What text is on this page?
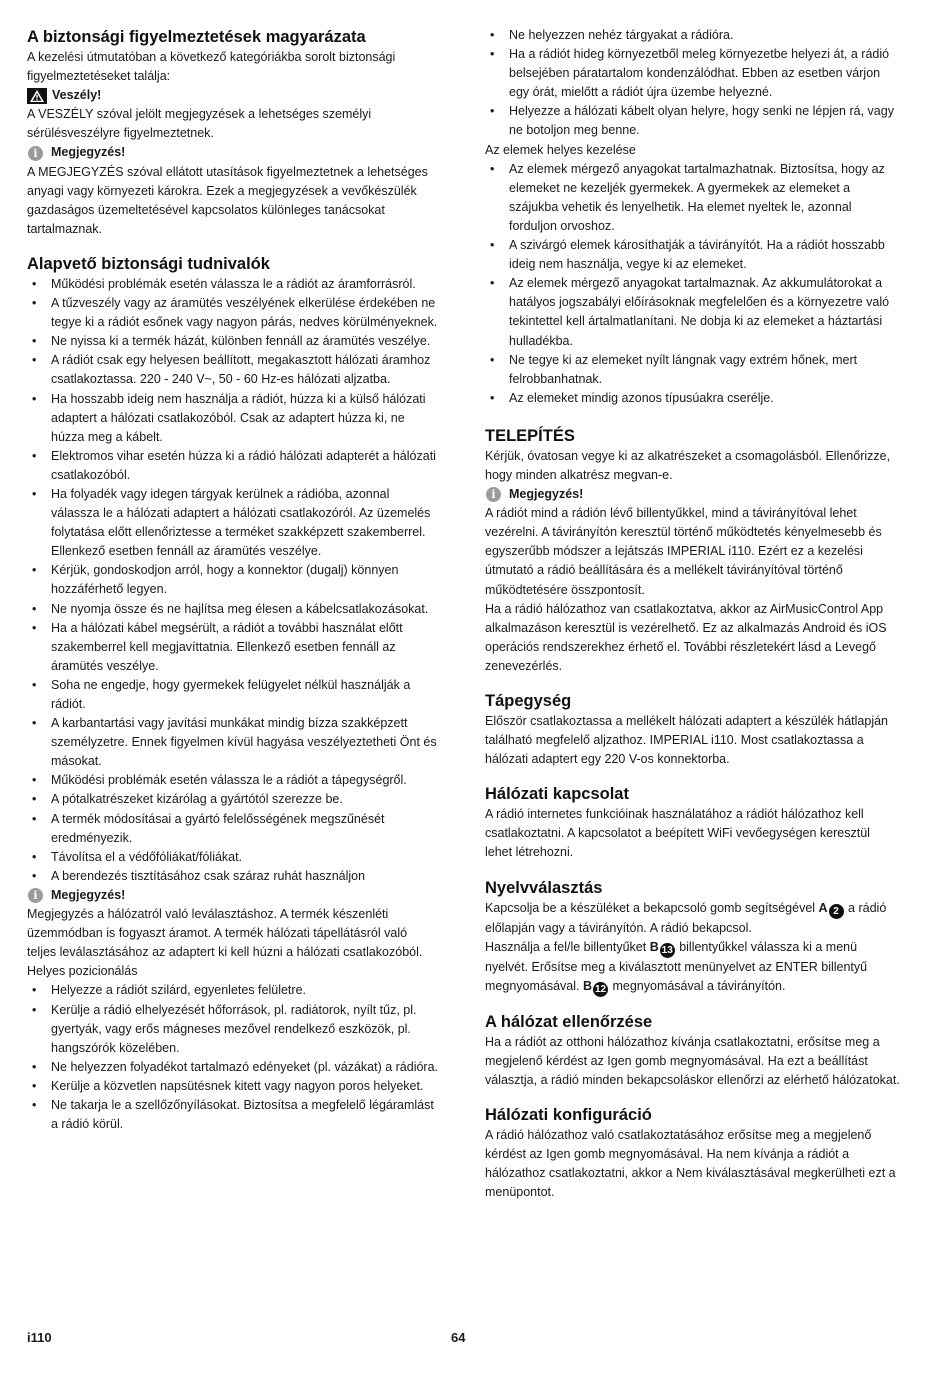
A biztonsági figyelmeztetések magyarázata

A kezelési útmutatóban a következő kategóriákba sorolt biztonsági figyelmeztetéseket találja:

Veszély!

A VESZÉLY szóval jelölt megjegyzések a lehetséges személyi sérülésveszélyre figyelmeztetnek.

i	Megjegyzés!

A MEGJEGYZÉS szóval ellátott utasítások figyelmeztetnek a lehetséges anyagi vagy környezeti károkra. Ezek a megjegyzések a vevőkészülék gazdaságos üzemeltetésével kapcsolatos különleges tanácsokat tartalmaznak.

Alapvető biztonsági tudnivalók
• Működési problémák esetén válassza le a rádiót az áramforrásról.
• A tűzveszély vagy az áramütés veszélyének elkerülése érdekében ne tegye ki a rádiót esőnek vagy nagyon párás, nedves körülményeknek.
• Ne nyissa ki a termék házát, különben fennáll az áramütés veszélye.
• A rádiót csak egy helyesen beállított, megakasztott hálózati áramhoz csatlakoztassa. 220 - 240 V~, 50 - 60 Hz-es hálózati aljzatba.
• Ha hosszabb ideig nem használja a rádiót, húzza ki a külső hálózati adaptert a hálózati csatlakozóból. Csak az adaptert húzza ki, ne húzza meg a kábelt.
• Elektromos vihar esetén húzza ki a rádió hálózati adapterét a hálózati csatlakozóból.
• Ha folyadék vagy idegen tárgyak kerülnek a rádióba, azonnal válassza le a hálózati adaptert a hálózati csatlakozóról. Az üzemelés folytatása előtt ellenőriztesse a terméket szakképzett szakemberrel. Ellenkező esetben fennáll az áramütés veszélye.
• Kérjük, gondoskodjon arról, hogy a konnektor (dugalj) könnyen hozzáférhető legyen.
• Ne nyomja össze és ne hajlítsa meg élesen a kábelcsatlakozásokat.
• Ha a hálózati kábel megsérült, a rádiót a további használat előtt szakemberrel kell megjavíttatnia. Ellenkező esetben fennáll az áramütés veszélye.
• Soha ne engedje, hogy gyermekek felügyelet nélkül használják a rádiót.
• A karbantartási vagy javítási munkákat mindig bízza szakképzett személyzetre. Ennek figyelmen kívül hagyása veszélyeztetheti Önt és másokat.
• Működési problémák esetén válassza le a rádiót a tápegységről.
• A pótalkatrészeket kizárólag a gyártótól szerezze be.
• A termék módosításai a gyártó felelősségének megszűnését eredményezik.
• Távolítsa el a védőfóliákat/fóliákat.
• A berendezés tisztításához csak száraz ruhát használjon
i	Megjegyzés!

Megjegyzés a hálózatról való leválasztáshoz. A termék készenléti üzemmódban is fogyaszt áramot. A termék hálózati tápellátásról való teljes leválasztásához az adaptert ki kell húzni a hálózati csatlakozóból.

Helyes pozicionálás

• Helyezze a rádiót szilárd, egyenletes felületre.
• Kerülje a rádió elhelyezését hőforrások, pl. radiátorok, nyílt tűz, pl. gyertyák, vagy erős mágneses mezővel rendelkező eszközök, pl. hangszórók közelében.
• Ne helyezzen folyadékot tartalmazó edényeket (pl. vázákat) a rádióra.
• Kerülje a közvetlen napsütésnek kitett vagy nagyon poros helyeket.
• Ne takarja le a szellőzőnyílásokat. Biztosítsa a megfelelő légáramlást a rádió körül.
• Ne helyezzen nehéz tárgyakat a rádióra.
• Ha a rádiót hideg környezetből meleg környezetbe helyezi át, a rádió belsejében páratartalom kondenzálódhat. Ebben az esetben várjon egy órát, mielőtt a rádiót újra üzembe helyezné.
• Helyezze a hálózati kábelt olyan helyre, hogy senki ne lépjen rá, vagy ne botoljon meg benne.

Az elemek helyes kezelése

• Az elemek mérgező anyagokat tartalmazhatnak. Biztosítsa, hogy az elemeket ne kezeljék gyermekek. A gyermekek az elemeket a szájukba vehetik és lenyelhetik. Ha elemet nyeltek le, azonnal forduljon orvoshoz.
• A szivárgó elemek károsíthatják a távirányítót. Ha a rádiót hosszabb ideig nem használja, vegye ki az elemeket.
• Az elemek mérgező anyagokat tartalmaznak. Az akkumulátorokat a hatályos jogszabályi előírásoknak megfelelően és a környezetre való tekintettel kell ártalmatlanítani. Ne dobja ki az elemeket a háztartási hulladékba.
• Ne tegye ki az elemeket nyílt lángnak vagy extrém hőnek, mert felrobbanhatnak.
• Az elemeket mindig azonos típusúakra cserélje.
TELEPÍTÉS

Kérjük, óvatosan vegye ki az alkatrészeket a csomagolásból. Ellenőrizze, hogy minden alkatrész megvan-e.

i	Megjegyzés!

A rádiót mind a rádión lévő billentyűkkel, mind a távirányítóval lehet vezérelni. A távirányítón keresztül történő működtetés kényelmesebb és egyszerűbb módszer a lejátszás IMPERIAL i110. Ezért ez a kezelési útmutató a rádió beállítására és a mellékelt távirányítóval történő működtetésére összpontosít.

Ha a rádió hálózathoz van csatlakoztatva, akkor az AirMusicControl App alkalmazáson keresztül is vezérelhető. Ez az alkalmazás Android és iOS operációs rendszerekhez érhető el. További részletekért lásd a Levegő zenevezérlés.

Tápegység

Először csatlakoztassa a mellékelt hálózati adaptert a készülék hátlapján található megfelelő aljzathoz. IMPERIAL i110. Most csatlakoztassa a hálózati adaptert egy 220 V-os konnektorba.

Hálózati kapcsolat

A rádió internetes funkcióinak használatához a rádiót hálózathoz kell csatlakoztatni. A kapcsolatot a beépített WiFi vevőegységen keresztül lehet létrehozni.

Nyelvválasztás

Kapcsolja be a készüléket a bekapcsoló gomb segítségével A 2 a rádió előlapján vagy a távirányítón. A rádió bekapcsol.

Használja a fel/le billentyűket B 13 billentyűkkel válassza ki a menü nyelvét. Erősítse meg a kiválasztott menünyelvet az ENTER billentyű megnyomásával. B 12 megnyomásával a távirányítón.

A hálózat ellenőrzése

Ha a rádiót az otthoni hálózathoz kívánja csatlakoztatni, erősítse meg a megjelenő kérdést az Igen gomb megnyomásával. Ha ezt a beállítást választja, a rádió minden bekapcsoláskor ellenőrzi az elérhető hálózatokat.

Hálózati konfiguráció

A rádió hálózathoz való csatlakoztatásához erősítse meg a megjelenő kérdést az Igen gomb megnyomásával. Ha nem kívánja a rádiót a hálózathoz csatlakoztatni, akkor a Nem kiválasztásával megkerülheti ezt a menüpontot.

i110	64
